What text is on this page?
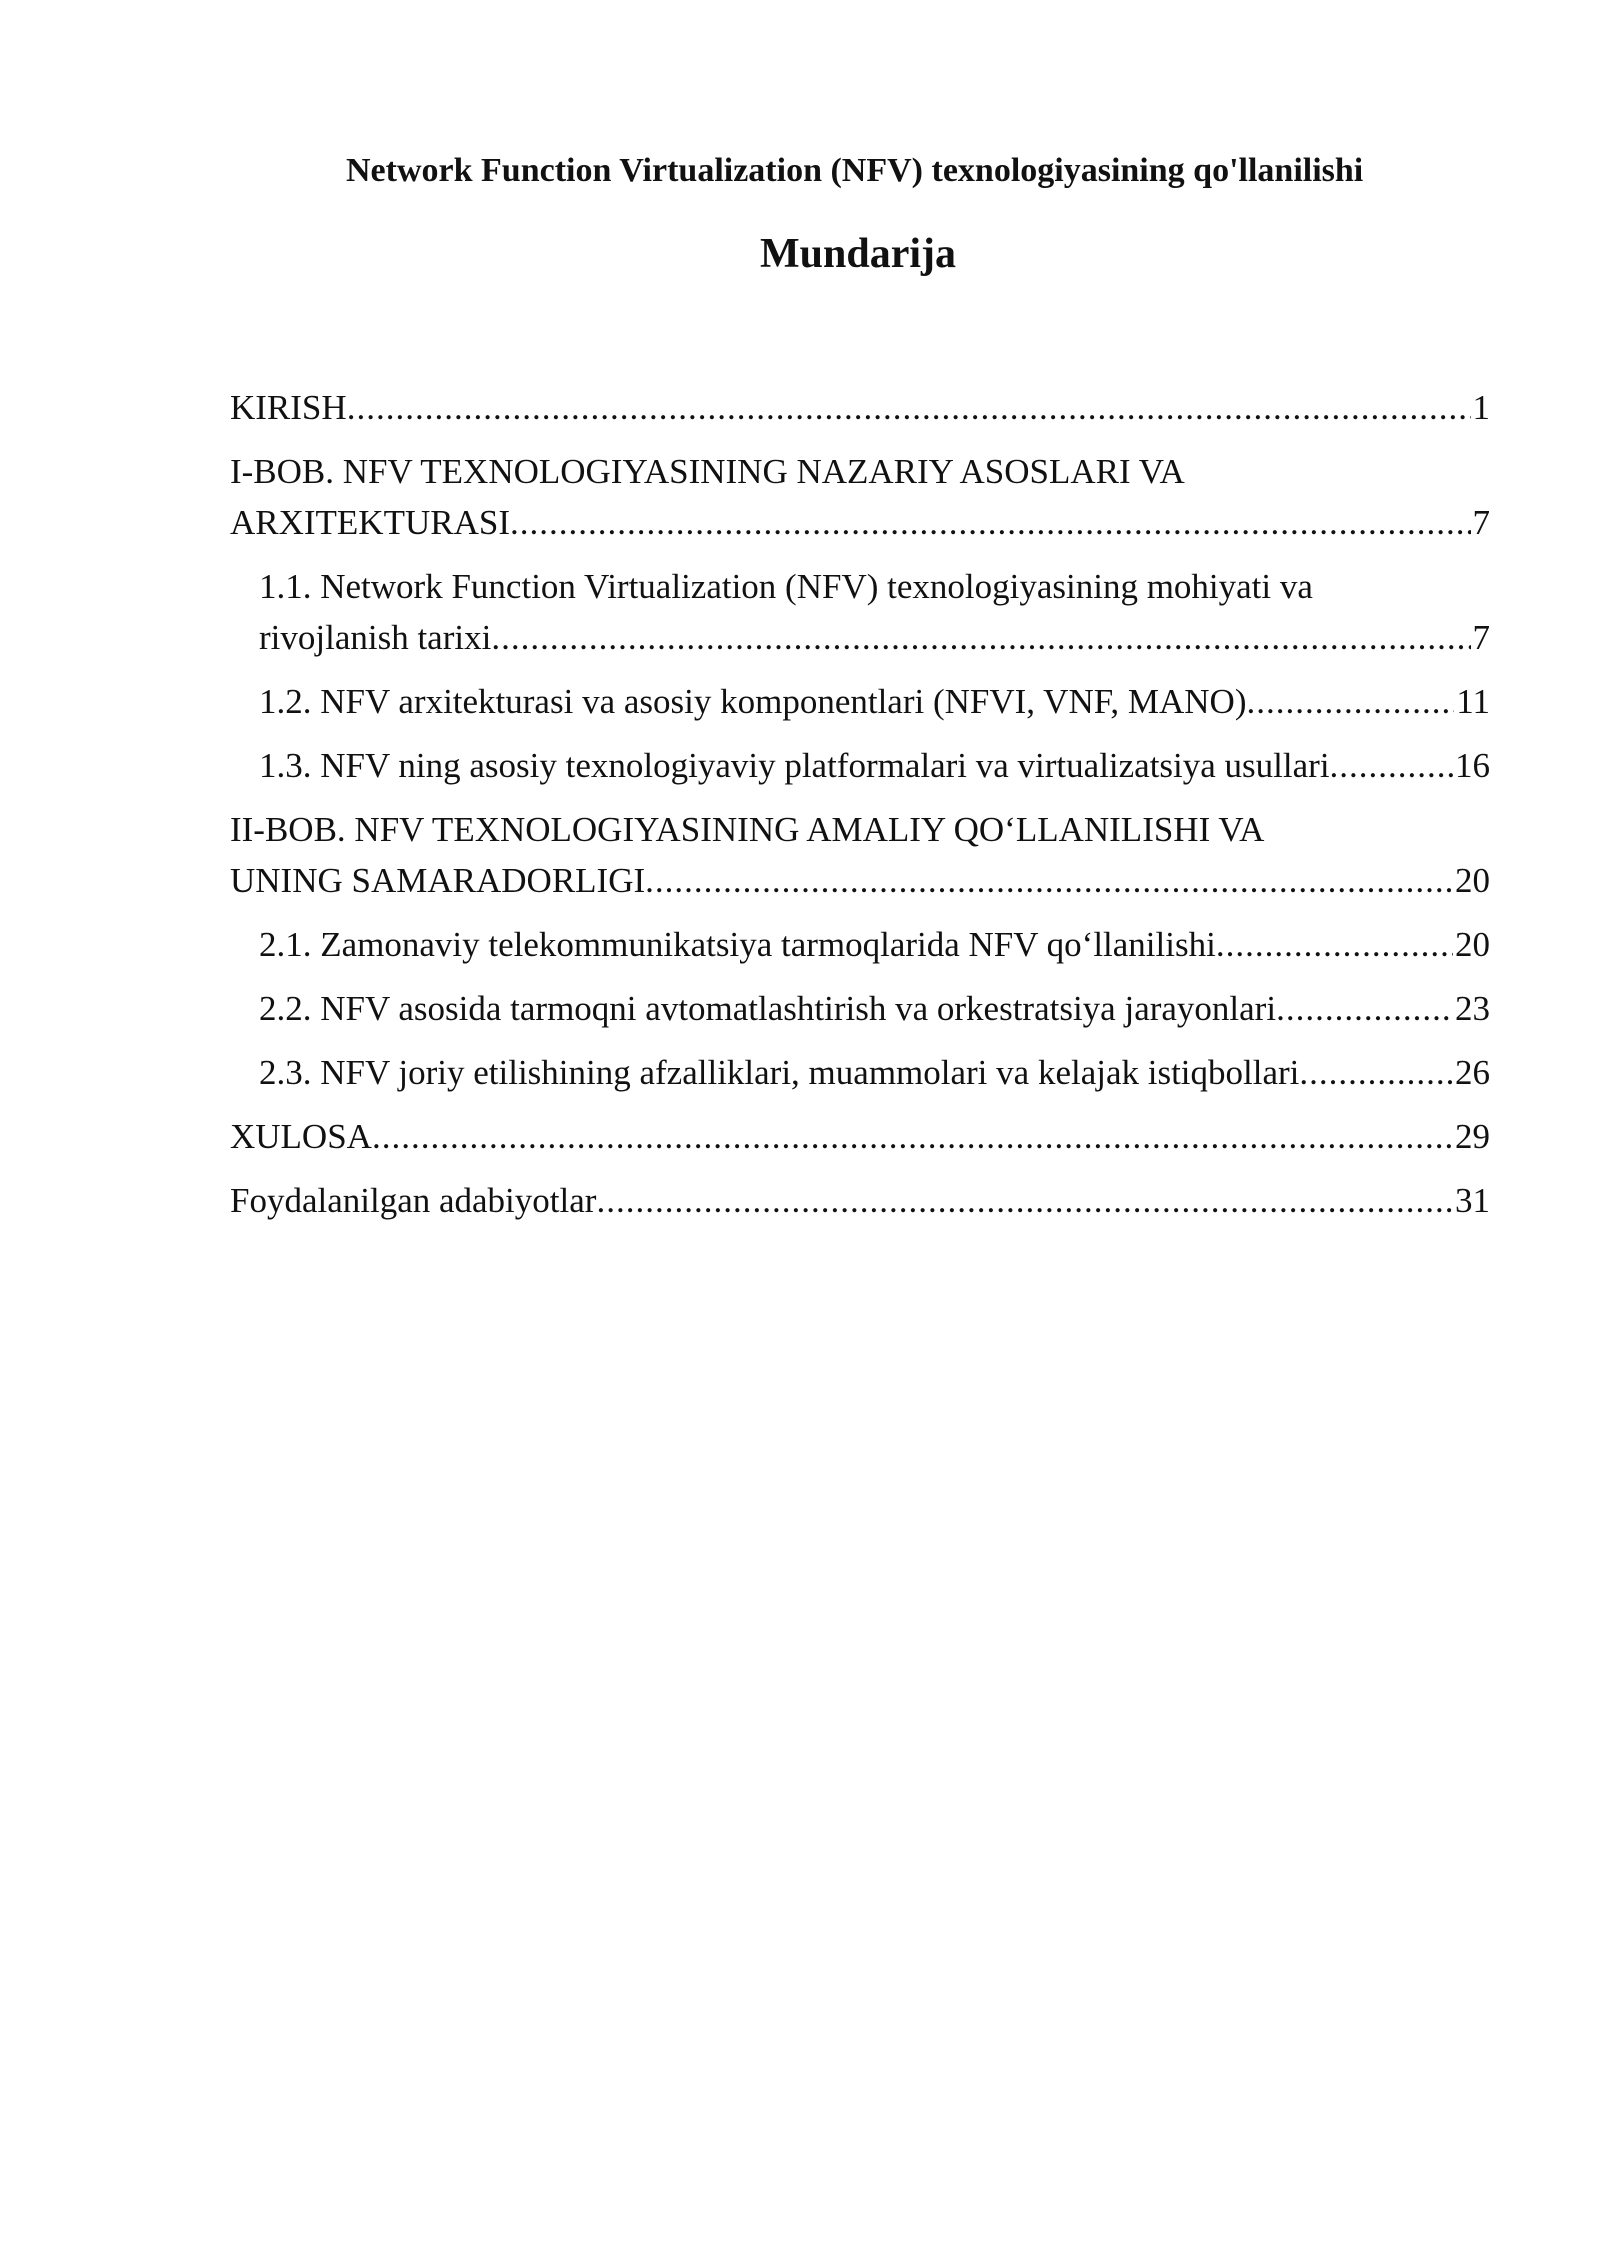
Network Function Virtualization (NFV) texnologiyasining qo'llanilishi
Mundarija
KIRISH .....	1
I-BOB. NFV TEXNOLOGIYASINING NAZARIY ASOSLARI VA
ARXITEKTURASI .....	7
1.1. Network Function Virtualization (NFV) texnologiyasining mohiyati va
rivojlanish tarixi .....	7
1.2. NFV arxitekturasi va asosiy komponentlari (NFVI, VNF, MANO) .....	11
1.3. NFV ning asosiy texnologiyaviy platformalari va virtualizatsiya usullari .....	16
II-BOB. NFV TEXNOLOGIYASINING AMALIY QO‘LLANILISHI VA
UNING SAMARADORLIGI .....	20
2.1. Zamonaviy telekommunikatsiya tarmoqlarida NFV qo‘llanilishi .....	20
2.2. NFV asosida tarmoqni avtomatlashtirish va orkestratsiya jarayonlari .....	23
2.3. NFV joriy etilishining afzalliklari, muammolari va kelajak istiqbollari .....	26
XULOSA .....	29
Foydalanilgan adabiyotlar .....	31
